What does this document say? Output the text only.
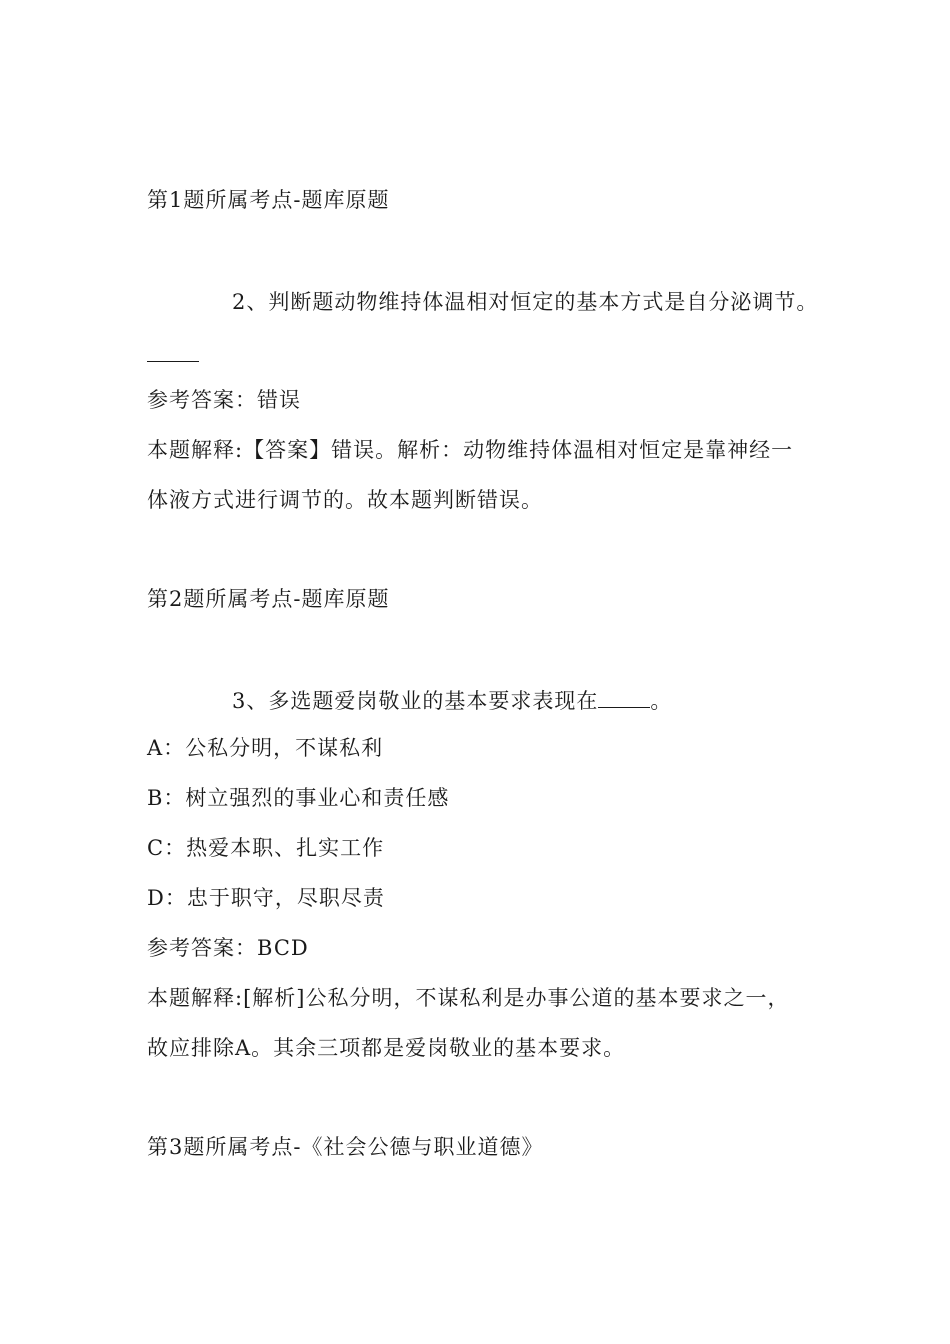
第1题所属考点-题库原题
2、判断题动物维持体温相对恒定的基本方式是自分泌调节。
参考答案：错误
本题解释:【答案】错误。解析：动物维持体温相对恒定是靠神经一
体液方式进行调节的。故本题判断错误。
第2题所属考点-题库原题
3、多选题爱岗敬业的基本要求表现在 。
A：公私分明，不谋私利
B：树立强烈的事业心和责任感
C：热爱本职、扎实工作
D：忠于职守，尽职尽责
参考答案：BCD
本题解释:[解析]公私分明，不谋私利是办事公道的基本要求之一，
故应排除A。其余三项都是爱岗敬业的基本要求。
第3题所属考点-《社会公德与职业道德》
